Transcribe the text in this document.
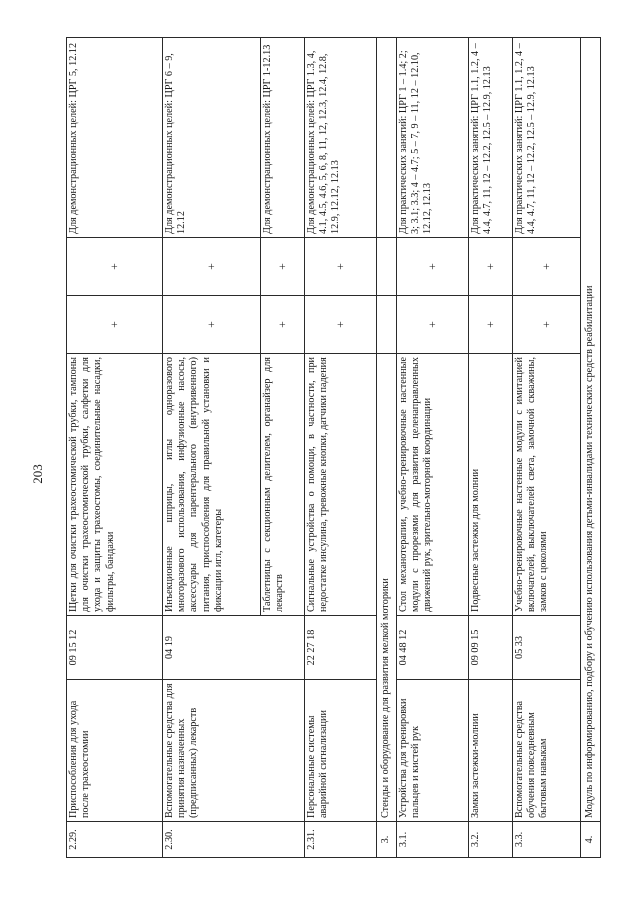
203
2.29.	Приспособления для ухода после трахеостомии	09 15 12	Щетки для очистки трахеостомической трубки, тампоны для очистки трахеостомической трубки, салфетки для ухода и защиты трахеостомы, соединительные насадки, фильтры, бандажи	+	+	Для демонстрационных целей: ЦРГ 5, 12.12
2.30.	Вспомогательные средства для принятия назначенных (предписанных) лекарств	04 19	Инъекционные шприцы, иглы одноразового многоразового использования, инфузионные насосы, аксессуары для парентерального (внутривенного) питания, приспособления для правильной установки и фиксации игл, катетеры	+	+	Для демонстрационных целей: ЦРГ 6 – 9, 12.12
			Таблетницы с секционным делителем, органайзер для лекарств	+	+	Для демонстрационных целей: ЦРГ 1-12.13
2.31.	Персональные системы аварийной сигнализации	22 27 18	Сигнальные устройства о помощи, в частности, при недостатке инсулина, тревожные кнопки, датчики падения	+	+	Для демонстрационных целей: ЦРГ 1.3, 4, 4.1, 4.5, 4.6, 5, 6, 8, 11, 12, 12.3, 12.4, 12.8, 12.9, 12.12, 12.13
3.	Стенды и оборудование для развития мелкой моторики					
3.1.	Устройства для тренировки пальцев и кистей рук	04 48 12	Стол механотерапии, учебно-тренировочные настенные модули с прорезями для развития целенаправленных движений рук, зрительно-моторной координации	+	+	Для практических занятий: ЦРГ 1 – 1.4; 2; 3; 3.1; 3.3; 4 – 4.7; 5 – 7, 9 – 11, 12 – 12.10, 12.12, 12.13
3.2.	Замки застежки-молнии	09 09 15	Подвесные застежки для молнии	+	+	Для практических занятий: ЦРГ 1.1, 1.2, 4 – 4.4, 4.7, 11, 12 – 12.2, 12.5 – 12.9, 12.13
3.3.	Вспомогательные средства обучения повседневным бытовым навыкам	05 33	Учебно-тренировочные настенные модули с имитацией включателей, выключателей света, замочной скважины, замков с цоколями	+	+	Для практических занятий: ЦРГ 1.1, 1.2, 4 – 4.4, 4.7, 11, 12 – 12.2, 12.5 – 12.9, 12.13
4.	Модуль по информированию, подбору и обучению использования детьми-инвалидами технических средств реабилитации					
